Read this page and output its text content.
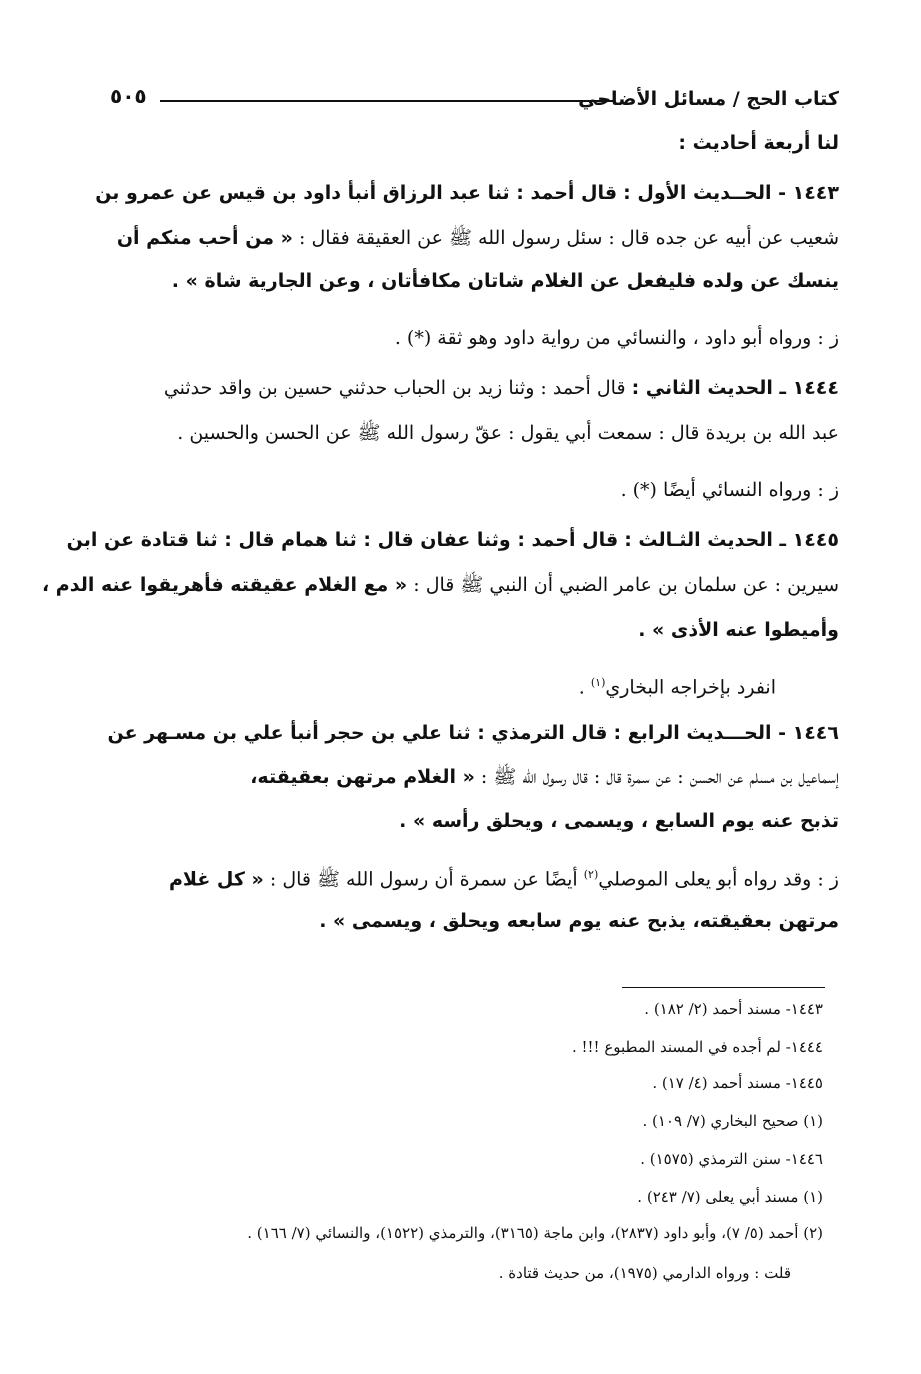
كتاب الحج / مسائل الأضاحي
٥٠٥
لنا أربعة أحاديث :
١٤٤٣ - الحــديث الأول : قال أحمد : ثنا عبد الرزاق أنبأ داود بن قيس عن عمرو بن
شعيب عن أبيه عن جده قال : سئل رسول الله ﷺ عن العقيقة فقال : « من أحب منكم أن
ينسك عن ولده فليفعل عن الغلام شاتان مكافأتان ، وعن الجارية شاة » .
ز : ورواه أبو داود ، والنسائي من رواية داود وهو ثقة (*) .
١٤٤٤ ـ الحديث الثاني : قال أحمد : وثنا زيد بن الحباب حدثني حسين بن واقد حدثني
عبد الله بن بريدة قال : سمعت أبي يقول : عقّ رسول الله ﷺ عن الحسن والحسين .
ز : ورواه النسائي أيضًا (*) .
١٤٤٥ ـ الحديث الثـالث : قال أحمد : وثنا عفان قال : ثنا همام قال : ثنا قتادة عن ابن
سيرين : عن سلمان بن عامر الضبي أن النبي ﷺ قال : « مع الغلام عقيقته فأهريقوا عنه الدم ،
وأميطوا عنه الأذى » .
انفرد بإخراجه البخاري$^{(١)}$ .
١٤٤٦ - الحـــديث الرابع : قال الترمذي : ثنا علي بن حجر أنبأ علي بن مسـهر عن
إسماعيل بن مسلم عن الحسن : عن سمرة قال : قال رسول الله ﷺ : « الغلام مرتهن بعقيقته،
تذبح عنه يوم السابع ، ويسمى ، ويحلق رأسه » .
ز : وقد رواه أبو يعلى الموصلي$^{(٢)}$ أيضًا عن سمرة أن رسول الله ﷺ قال : « كل غلام
مرتهن بعقيقته، يذبح عنه يوم سابعه ويحلق ، ويسمى » .
١٤٤٣- مسند أحمد (٢/ ١٨٢) .
١٤٤٤- لم أجده في المسند المطبوع !!! .
١٤٤٥- مسند أحمد (٤/ ١٧) .
(١) صحيح البخاري (٧/ ١٠٩) .
١٤٤٦- سنن الترمذي (١٥٧٥) .
(١) مسند أبي يعلى (٧/ ٢٤٣) .
(٢) أحمد (٥/ ٧)، وأبو داود (٢٨٣٧)، وابن ماجة (٣١٦٥)، والترمذي (١٥٢٢)، والنسائي (٧/ ١٦٦) .
قلت : ورواه الدارمي (١٩٧٥)، من حديث قتادة .
